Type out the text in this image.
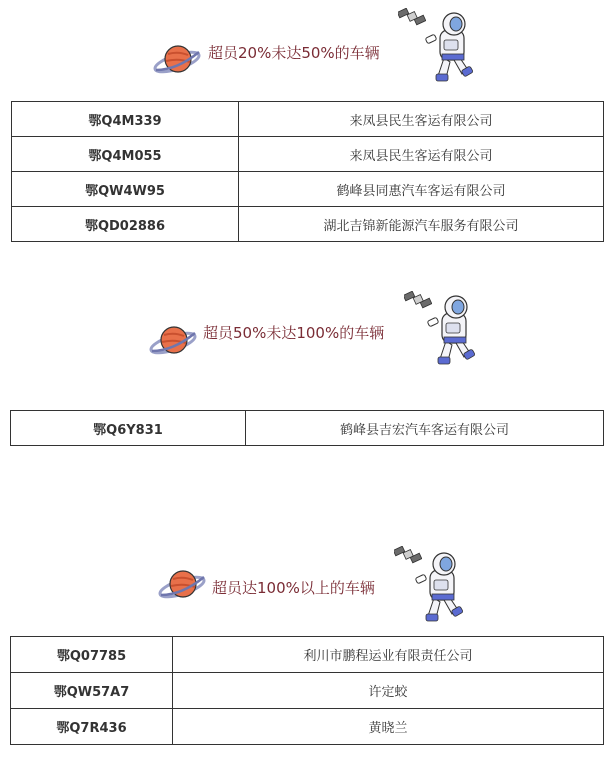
超员20%未达50%的车辆
鄂Q4M339	来凤县民生客运有限公司
鄂Q4M055	来凤县民生客运有限公司
鄂QW4W95	鹤峰县同惠汽车客运有限公司
鄂QD02886	湖北吉锦新能源汽车服务有限公司
超员50%未达100%的车辆
鄂Q6Y831	鹤峰县吉宏汽车客运有限公司
超员达100%以上的车辆
鄂Q07785	利川市鹏程运业有限责任公司
鄂QW57A7	许定蛟
鄂Q7R436	黄晓兰
